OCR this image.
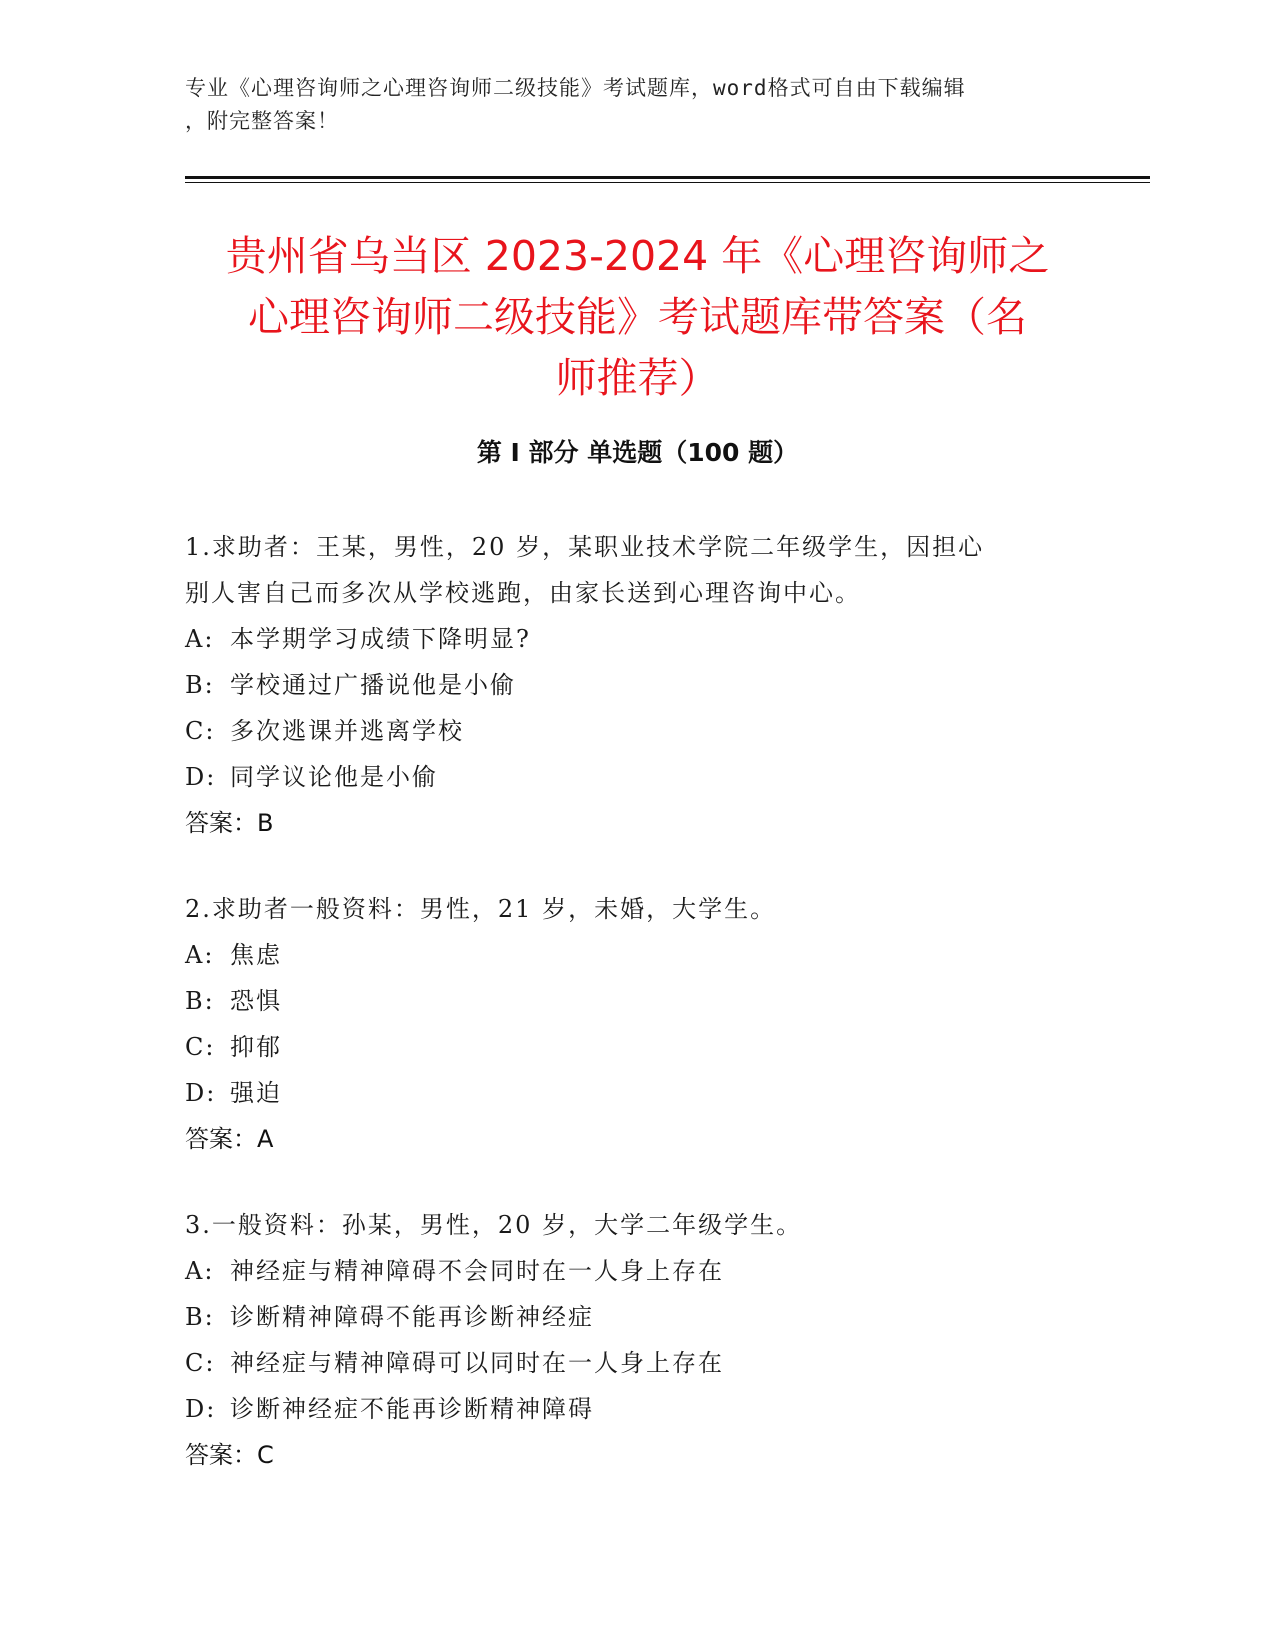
专业《心理咨询师之心理咨询师二级技能》考试题库，word格式可自由下载编辑
，附完整答案！
贵州省乌当区 2023-2024 年《心理咨询师之
心理咨询师二级技能》考试题库带答案（名
师推荐）
第 I 部分 单选题（100 题）
1.求助者：王某，男性，20 岁，某职业技术学院二年级学生，因担心
别人害自己而多次从学校逃跑，由家长送到心理咨询中心。
A: 本学期学习成绩下降明显?
B: 学校通过广播说他是小偷
C: 多次逃课并逃离学校
D: 同学议论他是小偷
答案：B
2.求助者一般资料：男性，21 岁，未婚，大学生。
A: 焦虑
B: 恐惧
C: 抑郁
D: 强迫
答案：A
3.一般资料：孙某，男性，20 岁，大学二年级学生。
A: 神经症与精神障碍不会同时在一人身上存在
B: 诊断精神障碍不能再诊断神经症
C: 神经症与精神障碍可以同时在一人身上存在
D: 诊断神经症不能再诊断精神障碍
答案：C
